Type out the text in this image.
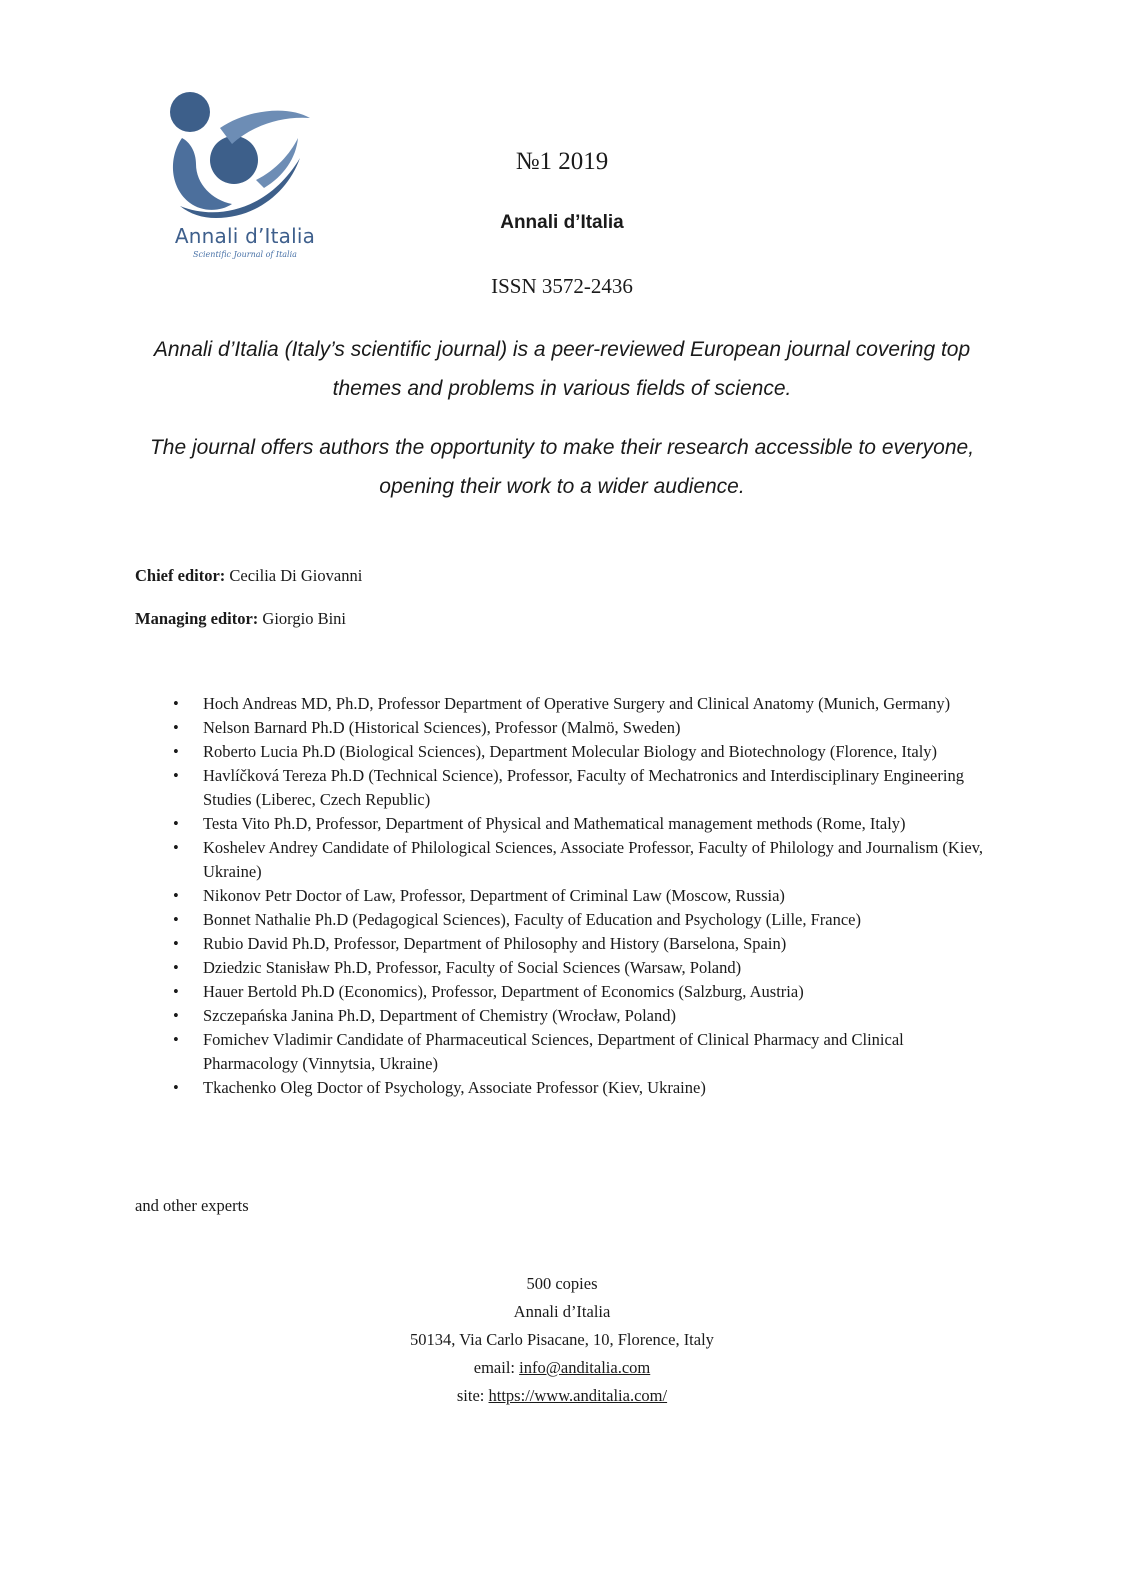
Annali d’Italia
Scientific Journal of Italia
№1 2019
Annali d’Italia
ISSN 3572-2436
Annali d’Italia (Italy’s scientific journal) is a peer-reviewed European journal covering top themes and problems in various fields of science.
The journal offers authors the opportunity to make their research accessible to everyone, opening their work to a wider audience.
Chief editor: Cecilia Di Giovanni
Managing editor: Giorgio Bini
• Hoch Andreas MD, Ph.D, Professor Department of Operative Surgery and Clinical Anatomy (Munich, Germany)
• Nelson Barnard Ph.D (Historical Sciences), Professor (Malmö, Sweden)
• Roberto Lucia Ph.D (Biological Sciences), Department Molecular Biology and Biotechnology (Florence, Italy)
• Havlíčková Tereza Ph.D (Technical Science), Professor, Faculty of Mechatronics and Interdisciplinary Engineering Studies (Liberec, Czech Republic)
• Testa Vito Ph.D, Professor, Department of Physical and Mathematical management methods (Rome, Italy)
• Koshelev Andrey Candidate of Philological Sciences, Associate Professor, Faculty of Philology and Journalism (Kiev, Ukraine)
• Nikonov Petr Doctor of Law, Professor, Department of Criminal Law (Moscow, Russia)
• Bonnet Nathalie Ph.D (Pedagogical Sciences), Faculty of Education and Psychology (Lille, France)
• Rubio David Ph.D, Professor, Department of Philosophy and History (Barselona, Spain)
• Dziedzic Stanisław Ph.D, Professor, Faculty of Social Sciences (Warsaw, Poland)
• Hauer Bertold Ph.D (Economics), Professor, Department of Economics (Salzburg, Austria)
• Szczepańska Janina Ph.D, Department of Chemistry (Wrocław, Poland)
• Fomichev Vladimir Candidate of Pharmaceutical Sciences, Department of Clinical Pharmacy and Clinical Pharmacology (Vinnytsia, Ukraine)
• Tkachenko Oleg Doctor of Psychology, Associate Professor (Kiev, Ukraine)
and other experts
500 copies
Annali d’Italia
50134, Via Carlo Pisacane, 10, Florence, Italy
email: info@anditalia.com
site: https://www.anditalia.com/
